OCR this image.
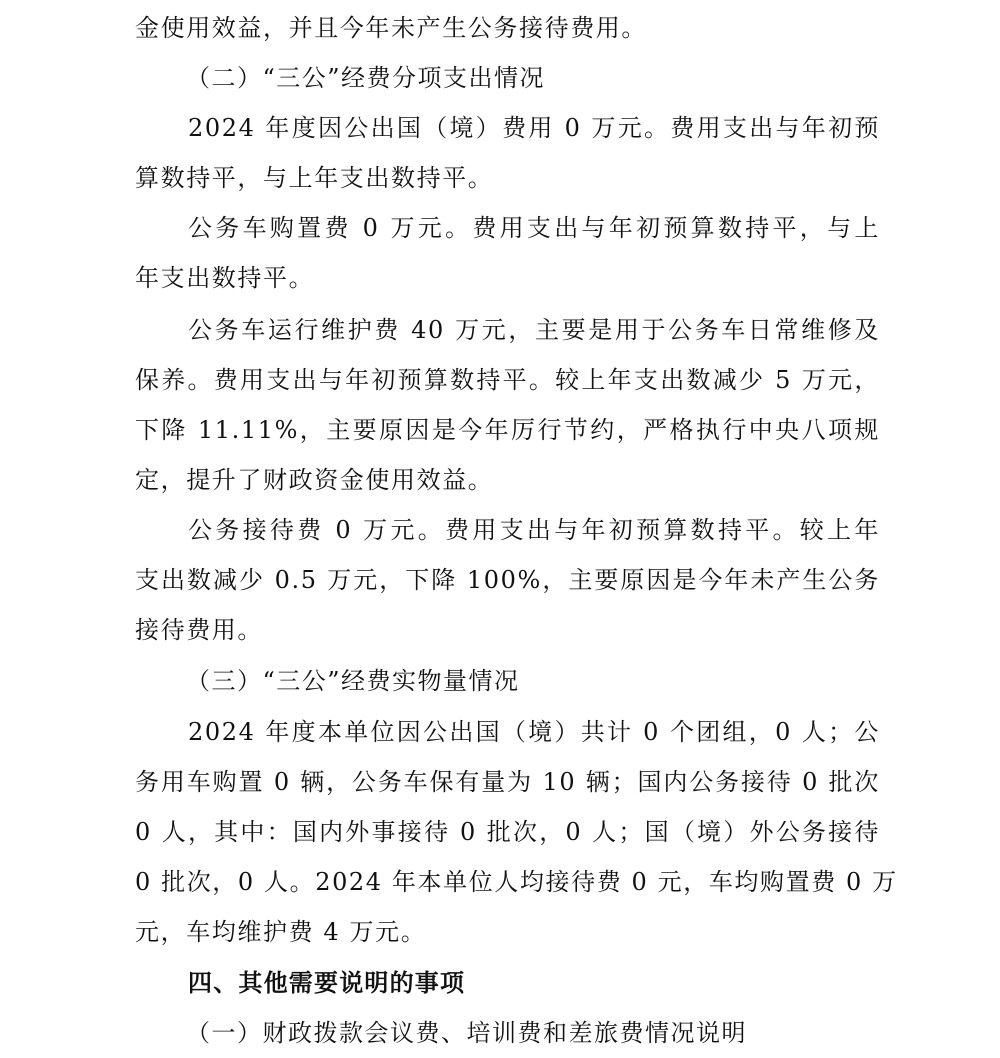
金使用效益，并且今年未产生公务接待费用。
（二）“三公”经费分项支出情况
2024 年度因公出国（境）费用 0 万元。费用支出与年初预
算数持平，与上年支出数持平。
公务车购置费 0 万元。费用支出与年初预算数持平，与上
年支出数持平。
公务车运行维护费 40 万元，主要是用于公务车日常维修及
保养。费用支出与年初预算数持平。较上年支出数减少 5 万元，
下降 11.11%，主要原因是今年厉行节约，严格执行中央八项规
定，提升了财政资金使用效益。
公务接待费 0 万元。费用支出与年初预算数持平。较上年
支出数减少 0.5 万元，下降 100%，主要原因是今年未产生公务
接待费用。
（三）“三公”经费实物量情况
2024 年度本单位因公出国（境）共计 0 个团组，0 人；公
务用车购置 0 辆，公务车保有量为 10 辆；国内公务接待 0 批次
0 人，其中：国内外事接待 0 批次，0 人；国（境）外公务接待
0 批次，0 人。2024 年本单位人均接待费 0 元，车均购置费 0 万
元，车均维护费 4 万元。
四、其他需要说明的事项
（一）财政拨款会议费、培训费和差旅费情况说明
